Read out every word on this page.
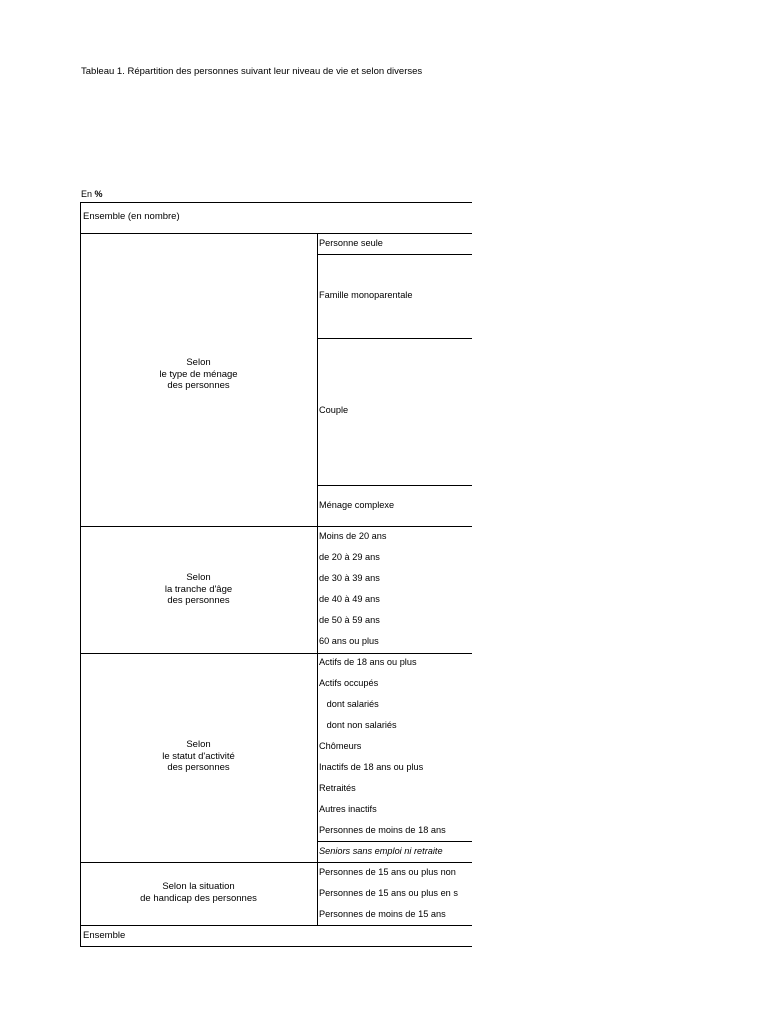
Tableau 1. Répartition des personnes suivant leur niveau de vie et selon diverses
En %
Ensemble (en nombre)
Selon
le type de ménage
des personnes
Personne seule
Famille monoparentale
Couple
Ménage complexe
Selon
la tranche d'âge
des personnes
Moins de 20 ans
de 20 à 29 ans
de 30 à 39 ans
de 40 à 49 ans
de 50 à 59 ans
60 ans ou plus
Selon
le statut d'activité
des personnes
Actifs de 18 ans ou plus
Actifs occupés
dont salariés
dont non salariés
Chômeurs
Inactifs de 18 ans ou plus
Retraités
Autres inactifs
Personnes de moins de 18 ans
Seniors sans emploi ni retraite
Selon la situation
de handicap des personnes
Personnes de 15 ans ou plus non
Personnes de 15 ans ou plus en s
Personnes de moins de 15 ans
Ensemble
